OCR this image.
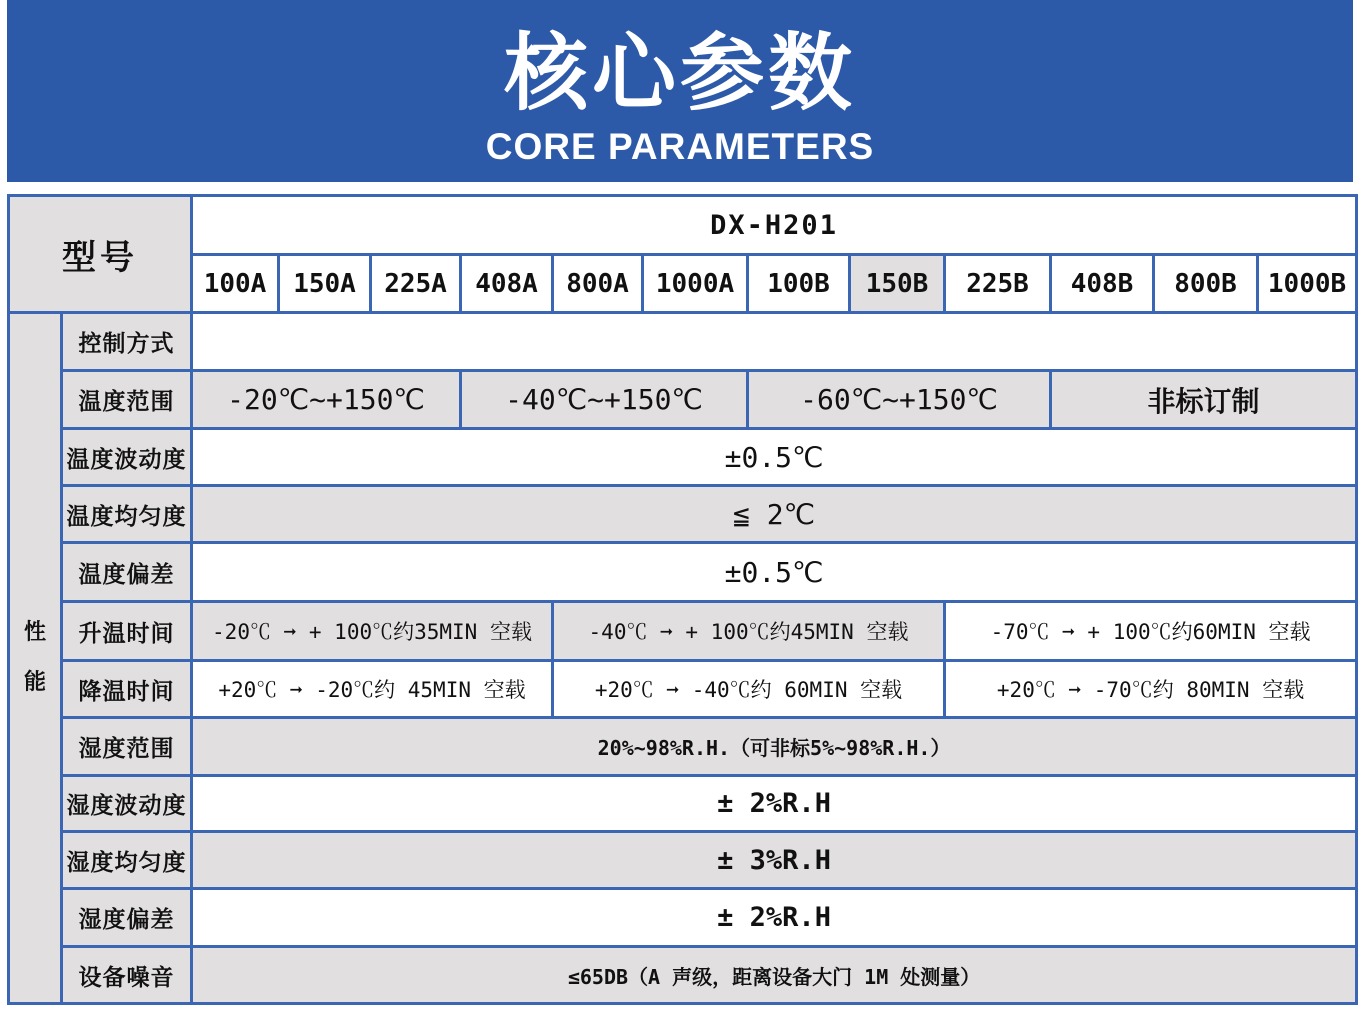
核心参数
CORE PARAMETERS
型号		DX-H201											
		100A	150A	225A	408A	800A	1000A	100B	150B	225B	408B	800B	1000B

性
能	控制方式												
	温度范围	-20℃~+150℃			-40℃~+150℃			-60℃~+150℃			非标订制		
	温度波动度	±0.5℃											
	温度均匀度	≦ 2℃											
	温度偏差	±0.5℃											
	升温时间	-20℃ ➞ + 100℃约35MIN 空载				-40℃ ➞ + 100℃约45MIN 空载				-70℃ ➞ + 100℃约60MIN 空载			
	降温时间	+20℃ ➞ -20℃约 45MIN 空载				+20℃ ➞ -40℃约 60MIN 空载				+20℃ ➞ -70℃约 80MIN 空载			
	湿度范围	20%~98%R.H.（可非标5%~98%R.H.）											
	湿度波动度	± 2%R.H											
	湿度均匀度	± 3%R.H											
	湿度偏差	± 2%R.H											
	设备噪音	≤65DB（A 声级，距离设备大门 1M 处测量）											
